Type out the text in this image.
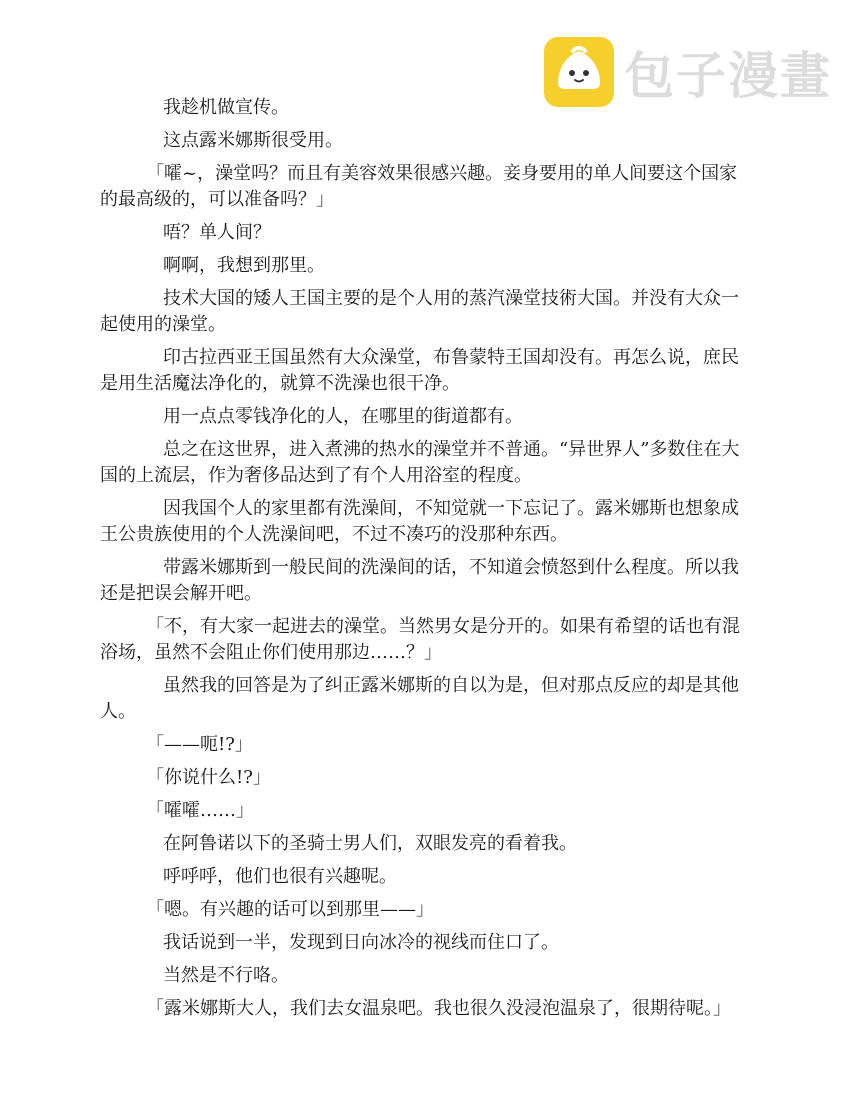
包子漫畫

我趁机做宣传。

这点露米娜斯很受用。

「嚯~，澡堂吗？而且有美容效果很感兴趣。妾身要用的单人间要这个国家的最高级的，可以准备吗？」

唔？单人间？

啊啊，我想到那里。

技术大国的矮人王国主要的是个人用的蒸汽澡堂技術大国。并没有大众一起使用的澡堂。

印古拉西亚王国虽然有大众澡堂，布鲁蒙特王国却没有。再怎么说，庶民是用生活魔法净化的，就算不洗澡也很干净。

用一点点零钱净化的人，在哪里的街道都有。

总之在这世界，进入煮沸的热水的澡堂并不普通。“异世界人”多数住在大国的上流层，作为奢侈品达到了有个人用浴室的程度。

因我国个人的家里都有洗澡间，不知觉就一下忘记了。露米娜斯也想象成王公贵族使用的个人洗澡间吧，不过不凑巧的没那种东西。

带露米娜斯到一般民间的洗澡间的话，不知道会愤怒到什么程度。所以我还是把误会解开吧。

「不，有大家一起进去的澡堂。当然男女是分开的。如果有希望的话也有混浴场，虽然不会阻止你们使用那边……？」

虽然我的回答是为了纠正露米娜斯的自以为是，但对那点反应的却是其他人。

「——呃!?」

「你说什么!?」

「嚯嚯……」

在阿鲁诺以下的圣骑士男人们，双眼发亮的看着我。

呼呼呼，他们也很有兴趣呢。

「嗯。有兴趣的话可以到那里——」

我话说到一半，发现到日向冰冷的视线而住口了。

当然是不行咯。

「露米娜斯大人，我们去女温泉吧。我也很久没浸泡温泉了，很期待呢。」
